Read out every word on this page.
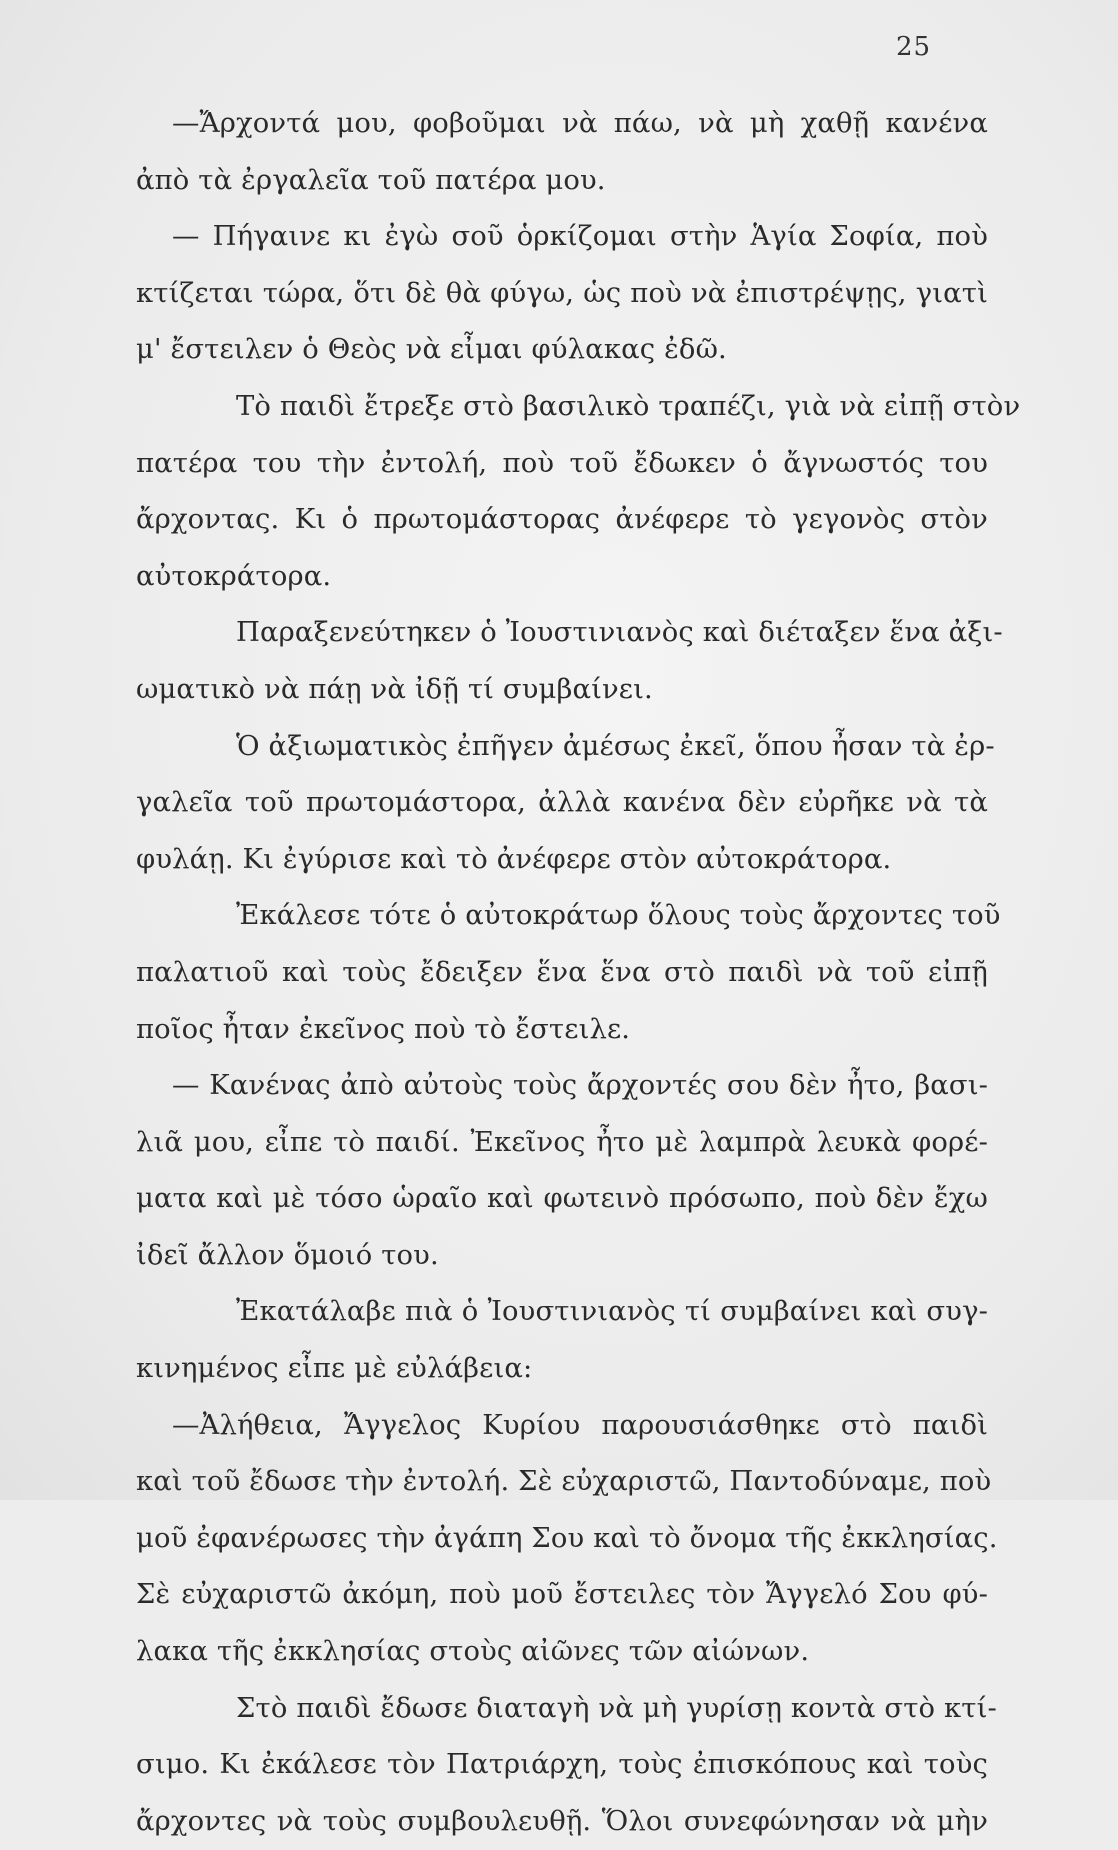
25
—Ἄρχοντά μου, φοβοῦμαι νὰ πάω, νὰ μὴ χαθῇ κανένα
ἀπὸ τὰ ἐργαλεῖα τοῦ πατέρα μου.
— Πήγαινε κι ἐγὼ σοῦ ὁρκίζομαι στὴν Ἁγία Σοφία, ποὺ
κτίζεται τώρα, ὅτι δὲ θὰ φύγω, ὡς ποὺ νὰ ἐπιστρέψῃς, γιατὶ
μ' ἔστειλεν ὁ Θεὸς νὰ εἶμαι φύλακας ἐδῶ.
Τὸ παιδὶ ἔτρεξε στὸ βασιλικὸ τραπέζι, γιὰ νὰ εἰπῇ στὸν
πατέρα του τὴν ἐντολή, ποὺ τοῦ ἔδωκεν ὁ ἄγνωστός του
ἄρχοντας. Κι ὁ πρωτομάστορας ἀνέφερε τὸ γεγονὸς στὸν
αὐτοκράτορα.
Παραξενεύτηκεν ὁ Ἰουστινιανὸς καὶ διέταξεν ἕνα ἀξι-
ωματικὸ νὰ πάῃ νὰ ἰδῇ τί συμβαίνει.
Ὁ ἀξιωματικὸς ἐπῆγεν ἀμέσως ἐκεῖ, ὅπου ἦσαν τὰ ἐρ-
γαλεῖα τοῦ πρωτομάστορα, ἀλλὰ κανένα δὲν εὐρῆκε νὰ τὰ
φυλάῃ. Κι ἐγύρισε καὶ τὸ ἀνέφερε στὸν αὐτοκράτορα.
Ἐκάλεσε τότε ὁ αὐτοκράτωρ ὅλους τοὺς ἄρχοντες τοῦ
παλατιοῦ καὶ τοὺς ἔδειξεν ἕνα ἕνα στὸ παιδὶ νὰ τοῦ εἰπῇ
ποῖος ἦταν ἐκεῖνος ποὺ τὸ ἔστειλε.
— Κανένας ἀπὸ αὐτοὺς τοὺς ἄρχοντές σου δὲν ἦτο, βασι-
λιᾶ μου, εἶπε τὸ παιδί. Ἐκεῖνος ἦτο μὲ λαμπρὰ λευκὰ φορέ-
ματα καὶ μὲ τόσο ὡραῖο καὶ φωτεινὸ πρόσωπο, ποὺ δὲν ἔχω
ἰδεῖ ἄλλον ὅμοιό του.
Ἐκατάλαβε πιὰ ὁ Ἰουστινιανὸς τί συμβαίνει καὶ συγ-
κινημένος εἶπε μὲ εὐλάβεια:
—Ἀλήθεια, Ἄγγελος Κυρίου παρουσιάσθηκε στὸ παιδὶ
καὶ τοῦ ἔδωσε τὴν ἐντολή. Σὲ εὐχαριστῶ, Παντοδύναμε, ποὺ
μοῦ ἐφανέρωσες τὴν ἀγάπη Σου καὶ τὸ ὄνομα τῆς ἐκκλησίας.
Σὲ εὐχαριστῶ ἀκόμη, ποὺ μοῦ ἔστειλες τὸν Ἄγγελό Σου φύ-
λακα τῆς ἐκκλησίας στοὺς αἰῶνες τῶν αἰώνων.
Στὸ παιδὶ ἔδωσε διαταγὴ νὰ μὴ γυρίσῃ κοντὰ στὸ κτί-
σιμο. Κι ἐκάλεσε τὸν Πατριάρχη, τοὺς ἐπισκόπους καὶ τοὺς
ἄρχοντες νὰ τοὺς συμβουλευθῇ. Ὅλοι συνεφώνησαν νὰ μὴν
